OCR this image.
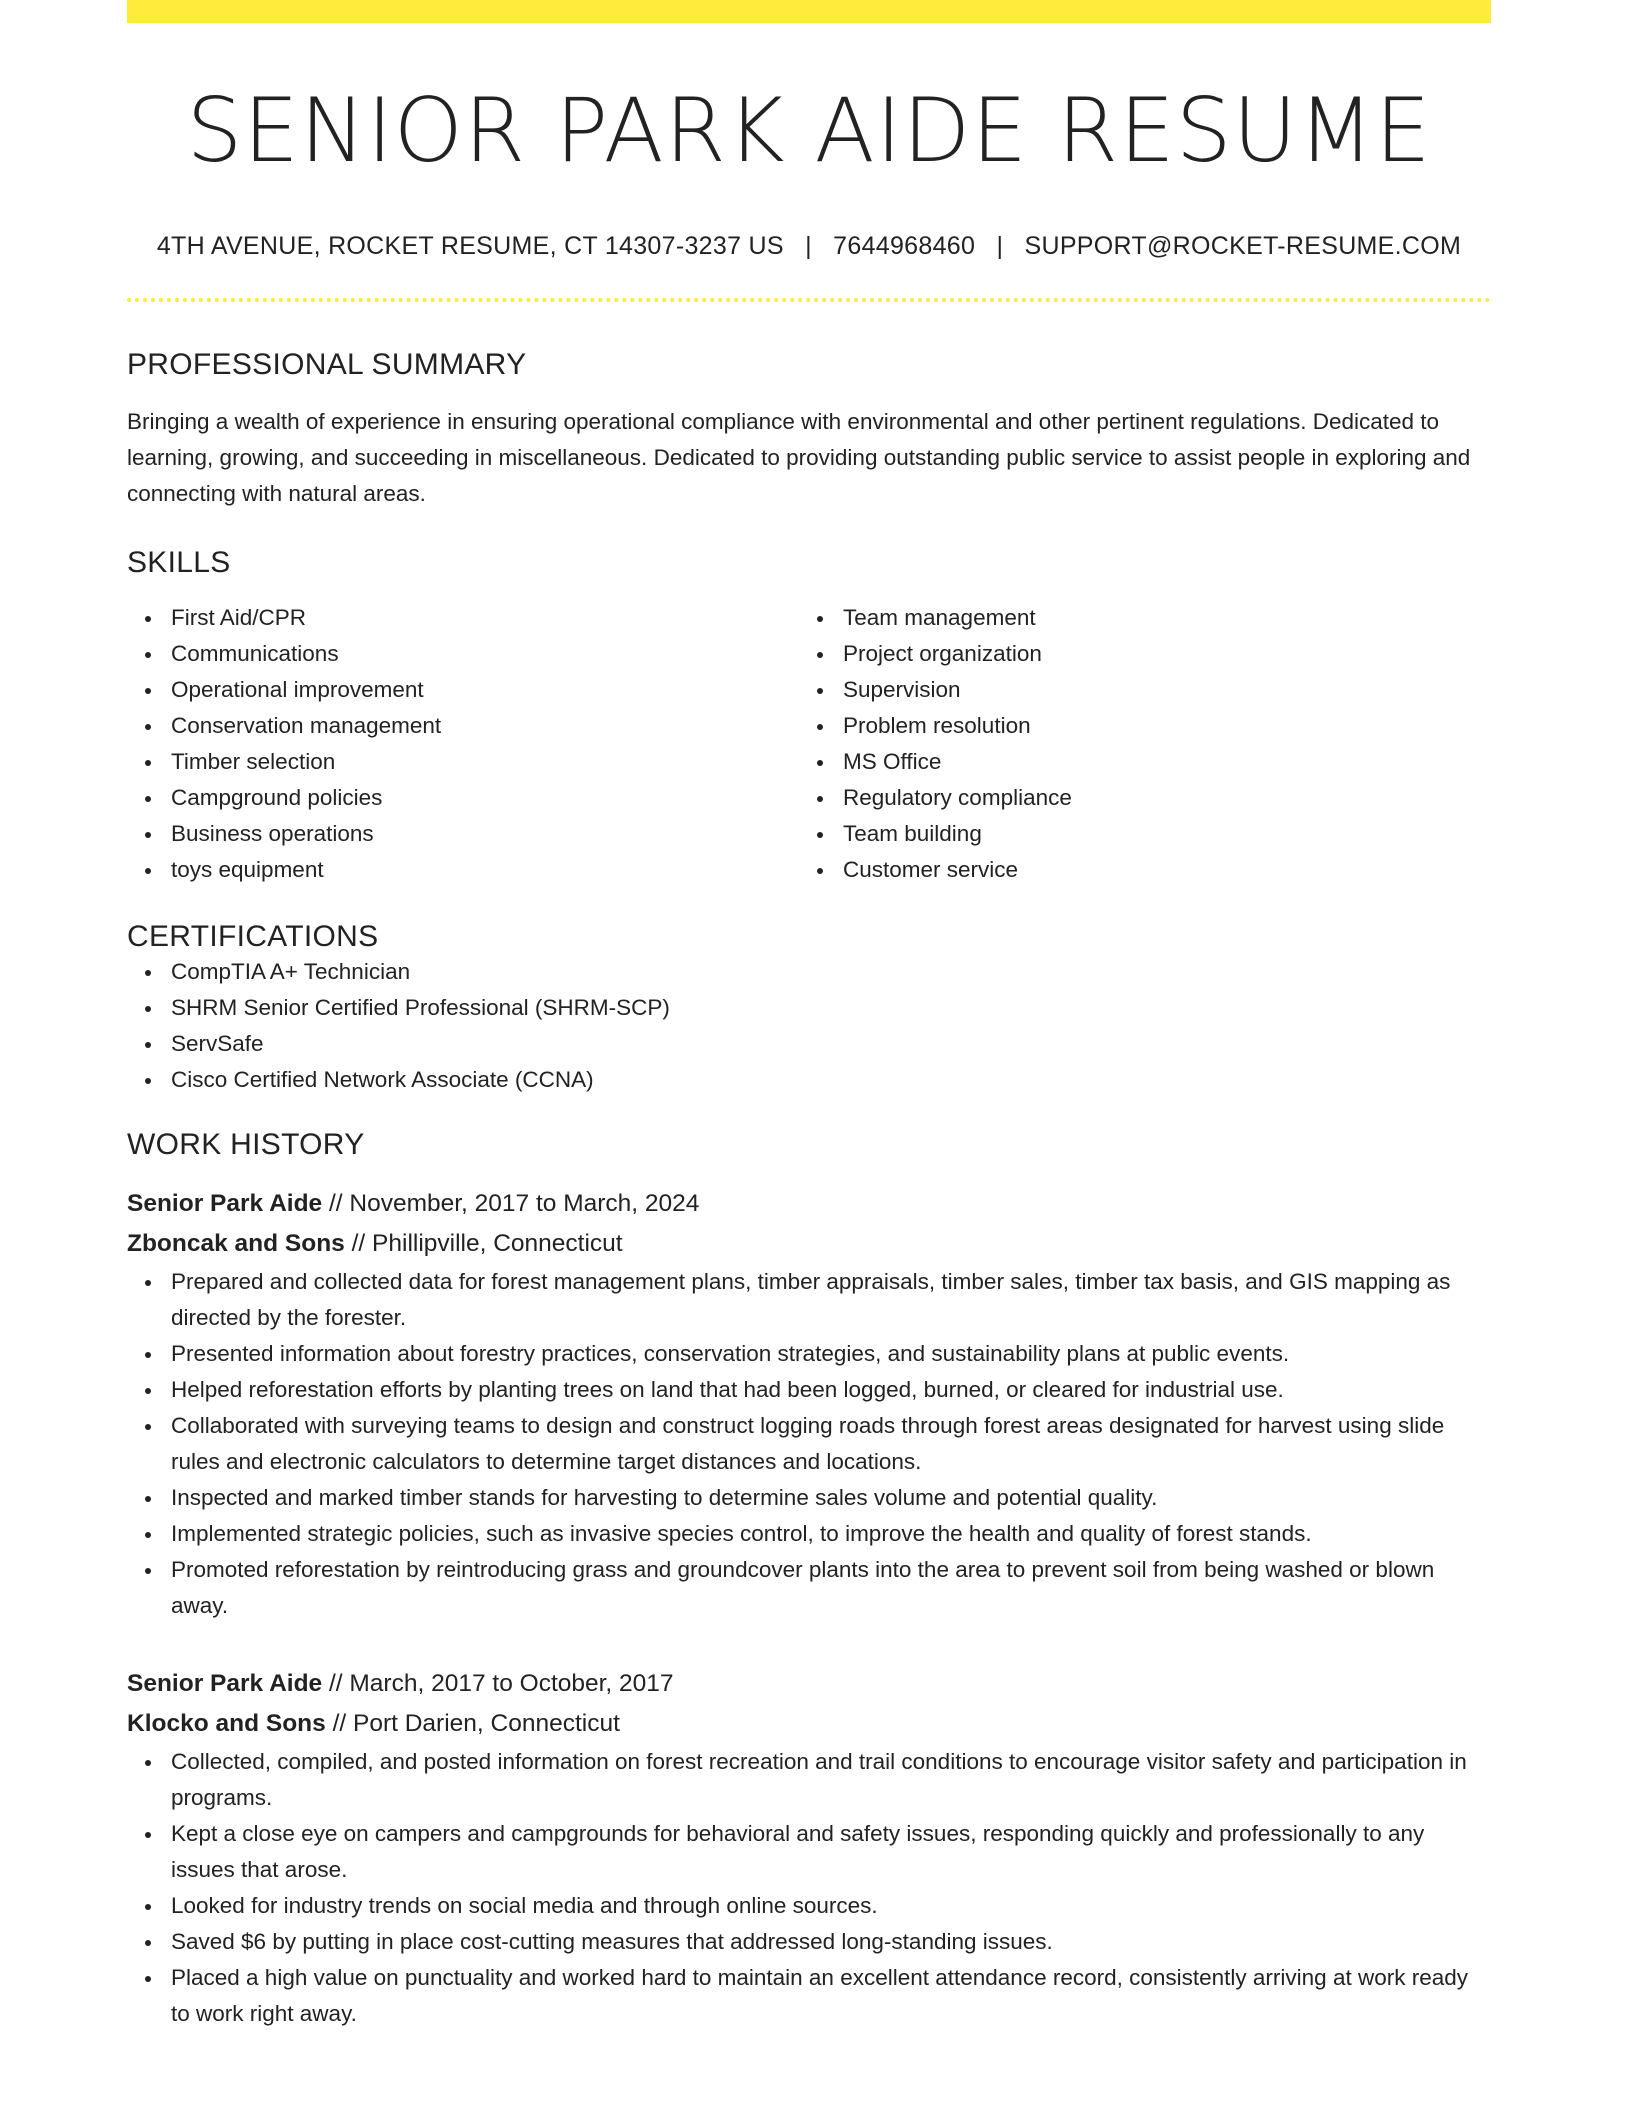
SENIOR PARK AIDE RESUME
4TH AVENUE, ROCKET RESUME, CT 14307-3237 US | 7644968460 | SUPPORT@ROCKET-RESUME.COM
PROFESSIONAL SUMMARY

Bringing a wealth of experience in ensuring operational compliance with environmental and other pertinent regulations. Dedicated to learning, growing, and succeeding in miscellaneous. Dedicated to providing outstanding public service to assist people in exploring and connecting with natural areas.

SKILLS
First Aid/CPR
Communications
Operational improvement
Conservation management
Timber selection
Campground policies
Business operations
toys equipment
Team management
Project organization
Supervision
Problem resolution
MS Office
Regulatory compliance
Team building
Customer service
CERTIFICATIONS
CompTIA A+ Technician
SHRM Senior Certified Professional (SHRM-SCP)
ServSafe
Cisco Certified Network Associate (CCNA)
WORK HISTORY
Senior Park Aide // November, 2017 to March, 2024
Zboncak and Sons // Phillipville, Connecticut
Prepared and collected data for forest management plans, timber appraisals, timber sales, timber tax basis, and GIS mapping as directed by the forester.
Presented information about forestry practices, conservation strategies, and sustainability plans at public events.
Helped reforestation efforts by planting trees on land that had been logged, burned, or cleared for industrial use.
Collaborated with surveying teams to design and construct logging roads through forest areas designated for harvest using slide rules and electronic calculators to determine target distances and locations.
Inspected and marked timber stands for harvesting to determine sales volume and potential quality.
Implemented strategic policies, such as invasive species control, to improve the health and quality of forest stands.
Promoted reforestation by reintroducing grass and groundcover plants into the area to prevent soil from being washed or blown away.
Senior Park Aide // March, 2017 to October, 2017
Klocko and Sons // Port Darien, Connecticut
Collected, compiled, and posted information on forest recreation and trail conditions to encourage visitor safety and participation in programs.
Kept a close eye on campers and campgrounds for behavioral and safety issues, responding quickly and professionally to any issues that arose.
Looked for industry trends on social media and through online sources.
Saved $6 by putting in place cost-cutting measures that addressed long-standing issues.
Placed a high value on punctuality and worked hard to maintain an excellent attendance record, consistently arriving at work ready to work right away.
